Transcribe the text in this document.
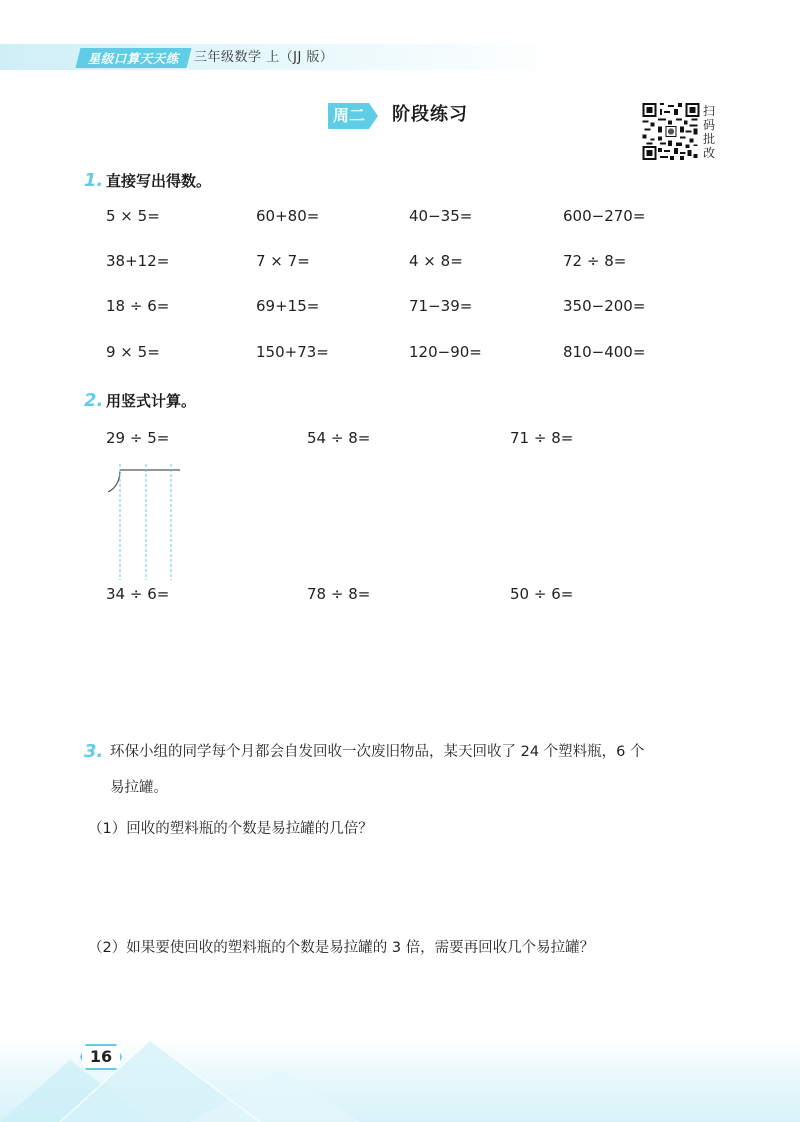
星级口算天天练	三年级数学 上（JJ 版）
周二 阶段练习	扫码批改
1. 直接写出得数。
5 × 5=	60+80=	40−35=	600−270=
38+12=	7 × 7=	4 × 8=	72 ÷ 8=
18 ÷ 6=	69+15=	71−39=	350−200=
9 × 5=	150+73=	120−90=	810−400=
2. 用竖式计算。
29 ÷ 5=	54 ÷ 8=	71 ÷ 8=
34 ÷ 6=	78 ÷ 8=	50 ÷ 6=
3. 环保小组的同学每个月都会自发回收一次废旧物品，某天回收了 24 个塑料瓶，6 个
易拉罐。
（1）回收的塑料瓶的个数是易拉罐的几倍？
（2）如果要使回收的塑料瓶的个数是易拉罐的 3 倍，需要再回收几个易拉罐？
16
